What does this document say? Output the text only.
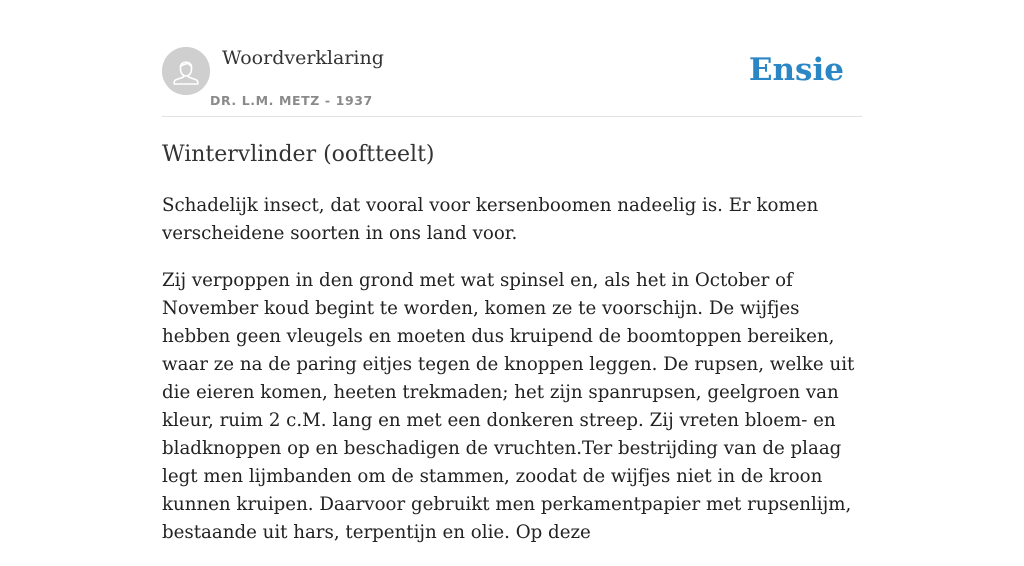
Woordverklaring
DR. L.M. METZ - 1937
Ensie
Wintervlinder (ooftteelt)

Schadelijk insect, dat vooral voor kersenboomen nadeelig is. Er komen verscheidene soorten in ons land voor.

Zij verpoppen in den grond met wat spinsel en, als het in October of November koud begint te worden, komen ze te voorschijn. De wijfjes hebben geen vleugels en moeten dus kruipend de boomtoppen bereiken, waar ze na de paring eitjes tegen de knoppen leggen. De rupsen, welke uit die eieren komen, heeten trekmaden; het zijn spanrupsen, geelgroen van kleur, ruim 2 c.M. lang en met een donkeren streep. Zij vreten bloem- en bladknoppen op en beschadigen de vruchten.Ter bestrijding van de plaag legt men lijmbanden om de stammen, zoodat de wijfjes niet in de kroon kunnen kruipen. Daarvoor gebruikt men perkamentpapier met rupsenlijm, bestaande uit hars, terpentijn en olie. Op deze
